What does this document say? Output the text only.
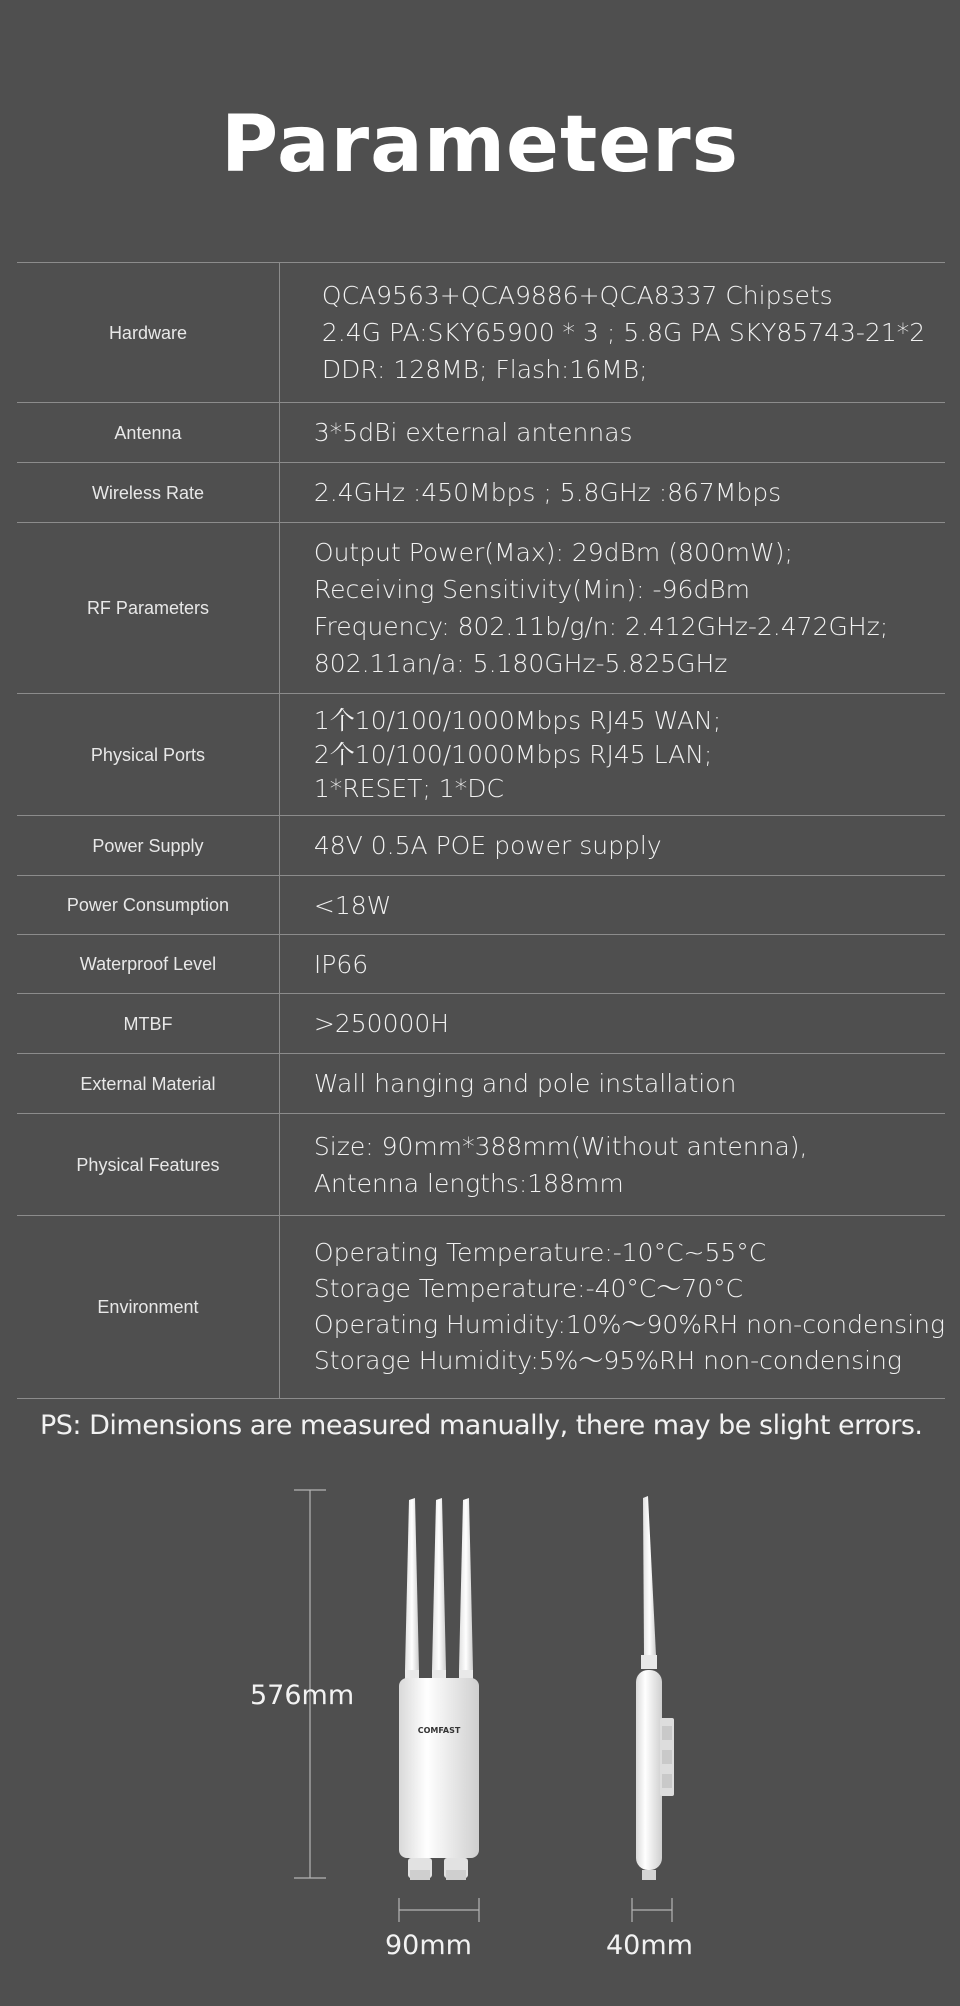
Parameters
Hardware	QCA9563+QCA9886+QCA8337 Chipsets
2.4G PA:SKY65900 * 3 ; 5.8G PA SKY85743-21*2
DDR: 128MB; Flash:16MB;

Antenna	3*5dBi external antennas

Wireless Rate	2.4GHz :450Mbps ; 5.8GHz :867Mbps

RF Parameters	Output Power(Max): 29dBm (800mW);
Receiving Sensitivity(Min): -96dBm
Frequency: 802.11b/g/n: 2.412GHz-2.472GHz;
802.11an/a: 5.180GHz-5.825GHz

Physical Ports	1个10/100/1000Mbps RJ45 WAN;
2个10/100/1000Mbps RJ45 LAN;
1*RESET; 1*DC

Power Supply	48V 0.5A POE power supply

Power Consumption	<18W

Waterproof Level	IP66

MTBF	>250000H

External Material	Wall hanging and pole installation

Physical Features	Size: 90mm*388mm(Without antenna),
Antenna lengths:188mm

Environment	Operating Temperature:-10°C~55°C
Storage Temperature:-40°C～70°C
Operating Humidity:10%～90%RH non-condensing
Storage Humidity:5%～95%RH non-condensing
PS: Dimensions are measured manually, there may be slight errors.
COMFAST
576mm
90mm	40mm
